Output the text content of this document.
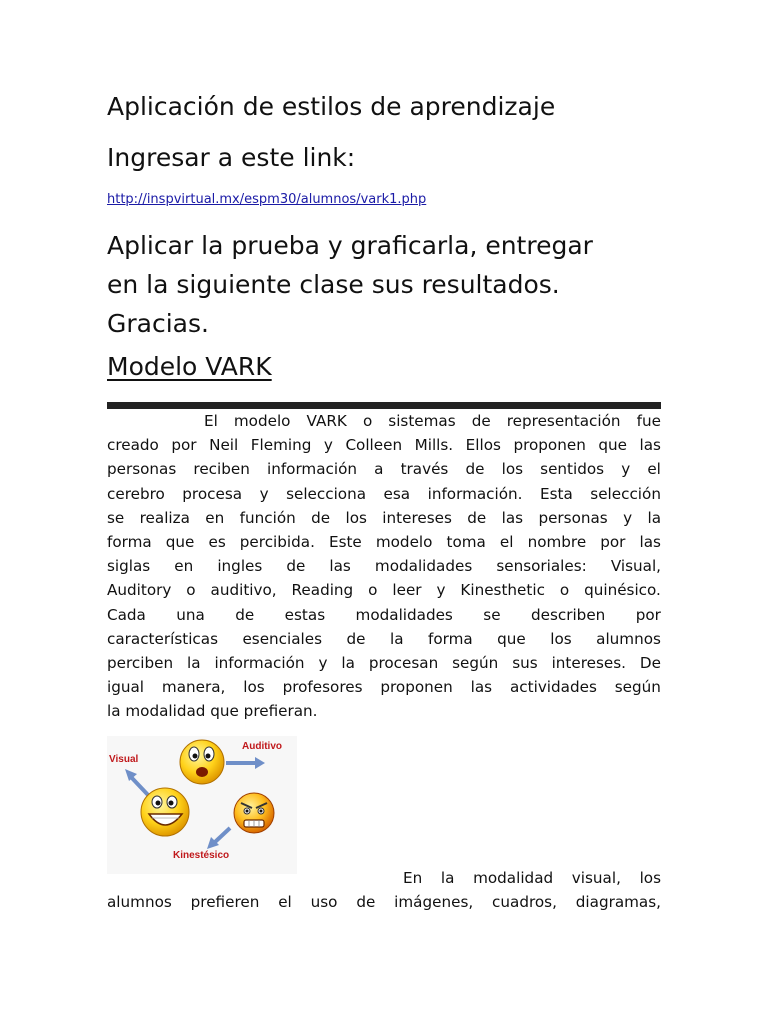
Aplicación de estilos de aprendizaje
Ingresar a este link:
http://inspvirtual.mx/espm30/alumnos/vark1.php
Aplicar la prueba y graficarla, entregar
en la siguiente clase sus resultados.
Gracias.
Modelo VARK
El modelo VARK o sistemas de representación fue
creado por Neil Fleming y Colleen Mills. Ellos proponen que las
personas reciben información a través de los sentidos y el
cerebro procesa y selecciona esa información. Esta selección
se realiza en función de los intereses de las personas y la
forma que es percibida. Este modelo toma el nombre por las
siglas en ingles de las modalidades sensoriales: Visual,
Auditory o auditivo, Reading o leer y Kinesthetic o quinésico.
Cada una de estas modalidades se describen por
características esenciales de la forma que los alumnos
perciben la información y la procesan según sus intereses. De
igual manera, los profesores proponen las actividades según
la modalidad que prefieran.
Visual
Auditivo
Kinestésico
En la modalidad visual, los
alumnos prefieren el uso de imágenes, cuadros, diagramas,
